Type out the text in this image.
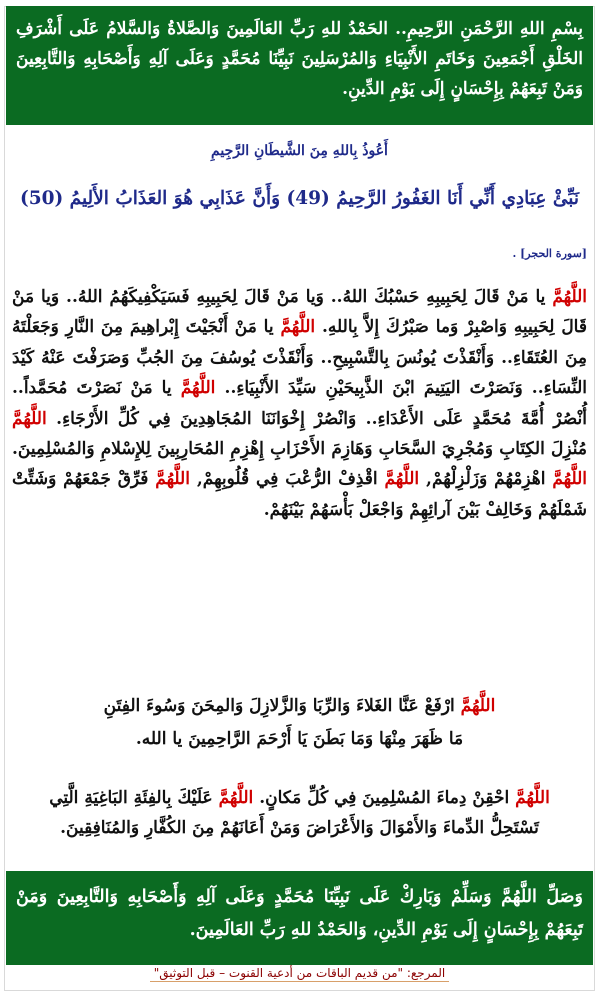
بِسْمِ اللهِ الرَّحْمَنِ الرَّحِيمِ.. الحَمْدُ للهِ رَبِّ العَالَمِينَ وَالصَّلاةُ وَالسَّلامُ عَلَى أَشْرَفِ الخَلْقِ أَجْمَعِينَ وَخَاتَمِ الأَنْبِيَاءِ وَالمُرْسَلِينَ نَبِيِّنَا مُحَمَّدٍ وَعَلَى آلِهِ وَأَصْحَابِهِ وَالتَّابِعِينَ وَمَنْ تَبِعَهُمْ بِإِحْسَانٍ إِلَى يَوْمِ الدِّينِ.

أَعُوذُ بِاللهِ مِنَ الشَّيطَانِ الرَّجِيمِ
نَبِّئْ عِبَادِي أَنِّي أَنَا الغَفُورُ الرَّحِيمُ (49) وَأَنَّ عَذَابِي هُوَ العَذَابُ الأَلِيمُ (50)
[سورة الحجر] .

اللَّهُمَّ يا مَنْ قَالَ لِحَبِيبِهِ حَسْبُكَ اللهُ.. وَيا مَنْ قَالَ لِحَبِيبِهِ فَسَيَكْفِيكَهُمُ اللهُ.. وَيا مَنْ قَالَ لِحَبِيبِهِ وَاصْبِرْ وَما صَبْرُكَ إِلاَّ بِاللهِ. اللَّهُمَّ يا مَنْ أَنْجَيْتَ إِبْراهِيمَ مِنَ النَّارِ وَجَعَلْتَهُ مِنَ العُتَقَاءِ.. وَأَنْقَذْتَ يُونُسَ بِالتَّسْبِيحِ.. وَأَنْقَذْتَ يُوسُفَ مِنَ الجُبِّ وَصَرَفْتَ عَنْهُ كَيْدَ النِّسَاءِ.. وَنَصَرْتَ اليَتِيمَ ابْنَ الذَّبِيحَيْنِ سَيِّدَ الأَنْبِيَاءِ.. اللَّهُمَّ يا مَنْ نَصَرْتَ مُحَمَّداً.. أُنْصُرْ أُمَّةَ مُحَمَّدٍ عَلَى الأَعْدَاءِ.. وَانْصُرْ إِخْوَانَنَا المُجَاهِدِينَ فِي كُلِّ الأَرْجَاءِ. اللَّهُمَّ مُنْزِلَ الكِتَابِ وَمُجْرِيَ السَّحَابِ وَهَازِمَ الأَحْزَابِ إِهْزِمِ المُحَارِبِينَ لِلإِسْلامِ وَالمُسْلِمِينَ. اللَّهُمَّ اهْزِمْهُمْ وَزَلْزِلْهُمْ, اللَّهُمَّ اقْذِفْ الرُّعْبَ فِي قُلُوبِهِمْ, اللَّهُمَّ فَرِّقْ جَمْعَهُمْ وَشَتِّتْ شَمْلَهُمْ وَخَالِفْ بَيْنَ آرائِهِمْ وَاجْعَلْ بَأْسَهُمْ بَيْنَهُمْ.

اللَّهُمَّ ارْفَعْ عَنَّا الغَلاءَ وَالرِّبَا وَالزَّلازِلَ وَالمِحَنَ وَسُوءَ الفِتَنِ
مَا ظَهَرَ مِنْهَا وَمَا بَطَنَ يَا أَرْحَمَ الرَّاحِمِينَ يا الله.

اللَّهُمَّ احْقِنْ دِماءَ المُسْلِمِينَ فِي كُلِّ مَكانٍ. اللَّهُمَّ عَلَيْكَ بِالفِئَةِ البَاغِيَةِ الَّتِي
تَسْتَحِلُّ الدِّماءَ وَالأَمْوَالَ وَالأَعْرَاضَ وَمَنْ أَعَانَهُمْ مِنَ الكُفَّارِ وَالمُنَافِقِينَ.

وَصَلِّ اللَّهُمَّ وَسَلِّمْ وَبَارِكْ عَلَى نَبِيِّنَا مُحَمَّدٍ وَعَلَى آلِهِ وَأَصْحَابِهِ وَالتَّابِعِينَ وَمَنْ تَبِعَهُمْ بِإِحْسَانٍ إِلَى يَوْمِ الدِّينِ، وَالحَمْدُ للهِ رَبِّ العَالَمِينَ.

المرجع: "من قديم الباقات من أدعية القنوت – قبل التوثيق"
